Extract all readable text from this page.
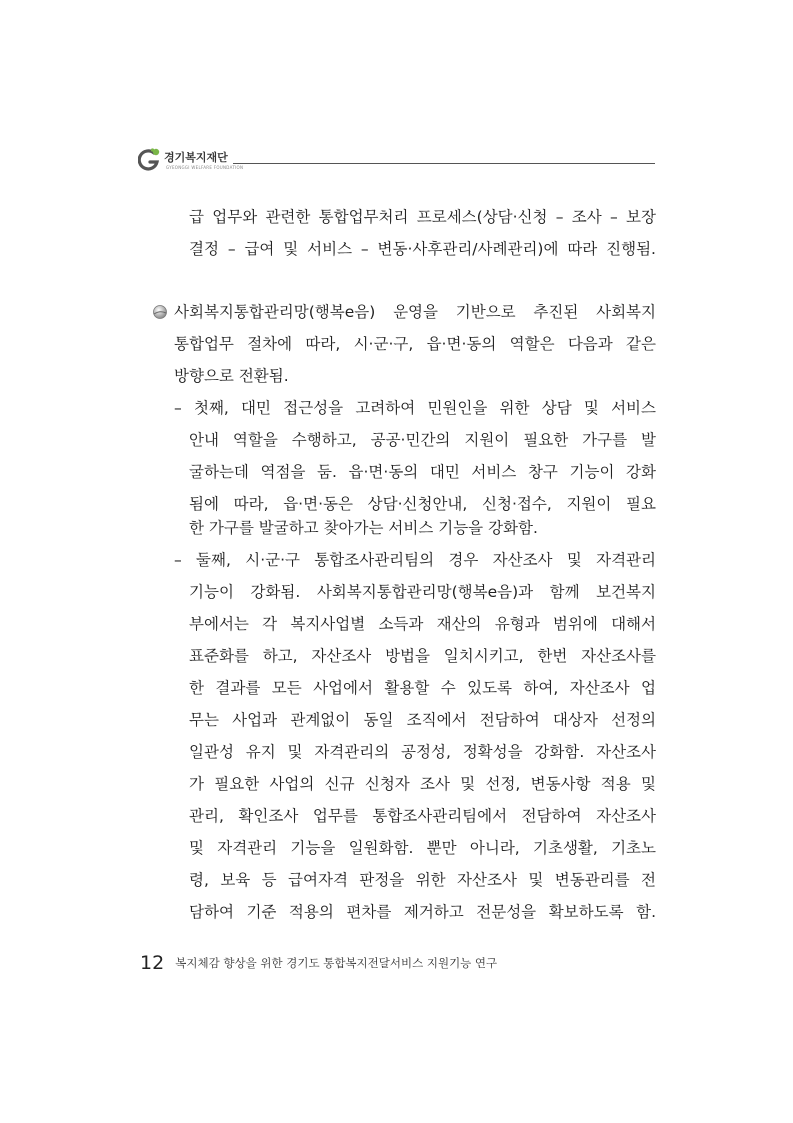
경기복지재단
GYEONGGI WELFARE FOUNDATION
급 업무와 관련한 통합업무처리 프로세스(상담‧신청 – 조사 – 보장
결정 – 급여 및 서비스 – 변동‧사후관리/사례관리)에 따라 진행됨.
사회복지통합관리망(행복e음) 운영을 기반으로 추진된 사회복지
통합업무 절차에 따라, 시‧군‧구, 읍‧면‧동의 역할은 다음과 같은
방향으로 전환됨.
– 첫째, 대민 접근성을 고려하여 민원인을 위한 상담 및 서비스
안내 역할을 수행하고, 공공‧민간의 지원이 필요한 가구를 발
굴하는데 역점을 둠. 읍‧면‧동의 대민 서비스 창구 기능이 강화
됨에 따라, 읍‧면‧동은 상담‧신청안내, 신청‧접수, 지원이 필요
한 가구를 발굴하고 찾아가는 서비스 기능을 강화함.
– 둘째, 시‧군‧구 통합조사관리팀의 경우 자산조사 및 자격관리
기능이 강화됨. 사회복지통합관리망(행복e음)과 함께 보건복지
부에서는 각 복지사업별 소득과 재산의 유형과 범위에 대해서
표준화를 하고, 자산조사 방법을 일치시키고, 한번 자산조사를
한 결과를 모든 사업에서 활용할 수 있도록 하여, 자산조사 업
무는 사업과 관계없이 동일 조직에서 전담하여 대상자 선정의
일관성 유지 및 자격관리의 공정성, 정확성을 강화함. 자산조사
가 필요한 사업의 신규 신청자 조사 및 선정, 변동사항 적용 및
관리, 확인조사 업무를 통합조사관리팀에서 전담하여 자산조사
및 자격관리 기능을 일원화함. 뿐만 아니라, 기초생활, 기초노
령, 보육 등 급여자격 판정을 위한 자산조사 및 변동관리를 전
담하여 기준 적용의 편차를 제거하고 전문성을 확보하도록 함.
12 복지체감 향상을 위한 경기도 통합복지전달서비스 지원기능 연구
